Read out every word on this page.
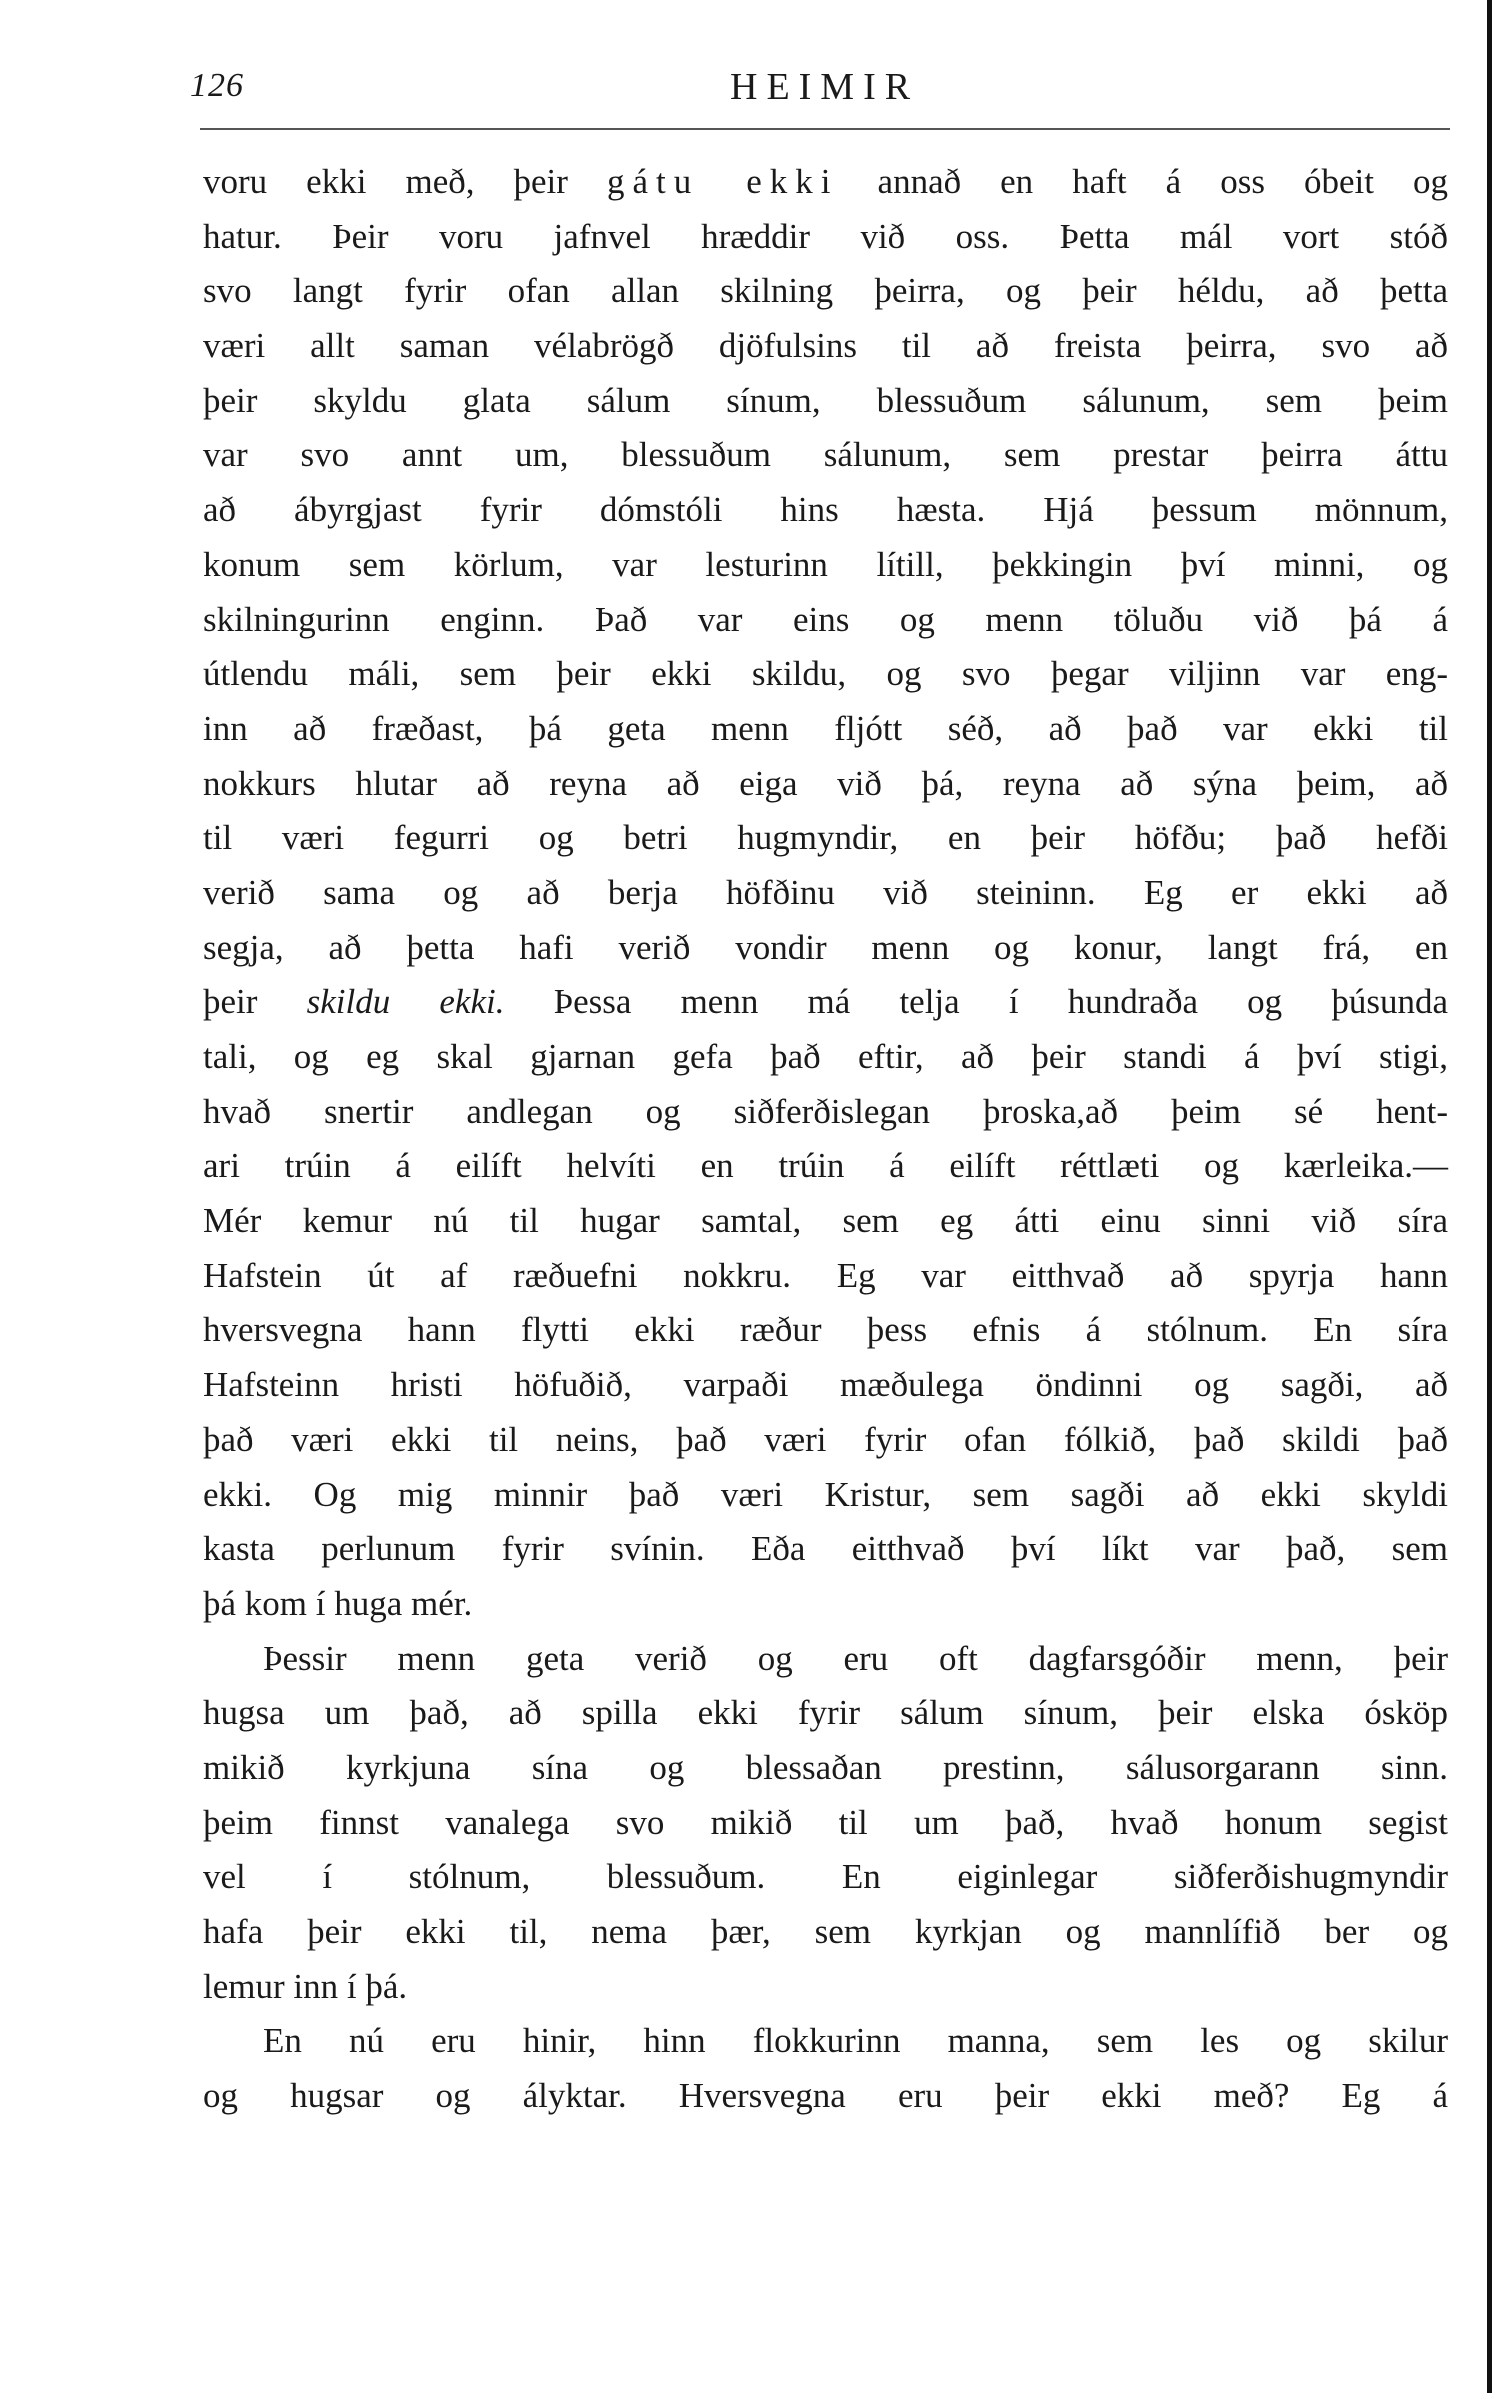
126	HEIMIR
voru ekki með, þeir gátu ekki annað en haft á oss óbeit og
hatur. Þeir voru jafnvel hræddir við oss. Þetta mál vort stóð
svo langt fyrir ofan allan skilning þeirra, og þeir héldu, að þetta
væri allt saman vélabrögð djöfulsins til að freista þeirra, svo að
þeir skyldu glata sálum sínum, blessuðum sálunum, sem þeim
var svo annt um, blessuðum sálunum, sem prestar þeirra áttu
að ábyrgjast fyrir dómstóli hins hæsta. Hjá þessum mönnum,
konum sem körlum, var lesturinn lítill, þekkingin því minni, og
skilningurinn enginn. Það var eins og menn töluðu við þá á
útlendu máli, sem þeir ekki skildu, og svo þegar viljinn var eng-
inn að fræðast, þá geta menn fljótt séð, að það var ekki til
nokkurs hlutar að reyna að eiga við þá, reyna að sýna þeim, að
til væri fegurri og betri hugmyndir, en þeir höfðu; það hefði
verið sama og að berja höfðinu við steininn. Eg er ekki að
segja, að þetta hafi verið vondir menn og konur, langt frá, en
þeir skildu ekki. Þessa menn má telja í hundraða og þúsunda
tali, og eg skal gjarnan gefa það eftir, að þeir standi á því stigi,
hvað snertir andlegan og siðferðislegan þroska,að þeim sé hent-
ari trúin á eilíft helvíti en trúin á eilíft réttlæti og kærleika.—
Mér kemur nú til hugar samtal, sem eg átti einu sinni við síra
Hafstein út af ræðuefni nokkru. Eg var eitthvað að spyrja hann
hversvegna hann flytti ekki ræður þess efnis á stólnum. En síra
Hafsteinn hristi höfuðið, varpaði mæðulega öndinni og sagði, að
það væri ekki til neins, það væri fyrir ofan fólkið, það skildi það
ekki. Og mig minnir það væri Kristur, sem sagði að ekki skyldi
kasta perlunum fyrir svínin. Eða eitthvað því líkt var það, sem
þá kom í huga mér.
Þessir menn geta verið og eru oft dagfarsgóðir menn, þeir
hugsa um það, að spilla ekki fyrir sálum sínum, þeir elska ósköp
mikið kyrkjuna sína og blessaðan prestinn, sálusorgarann sinn.
þeim finnst vanalega svo mikið til um það, hvað honum segist
vel í stólnum, blessuðum. En eiginlegar siðferðishugmyndir
hafa þeir ekki til, nema þær, sem kyrkjan og mannlífið ber og
lemur inn í þá.
En nú eru hinir, hinn flokkurinn manna, sem les og skilur
og hugsar og ályktar. Hversvegna eru þeir ekki með? Eg á
